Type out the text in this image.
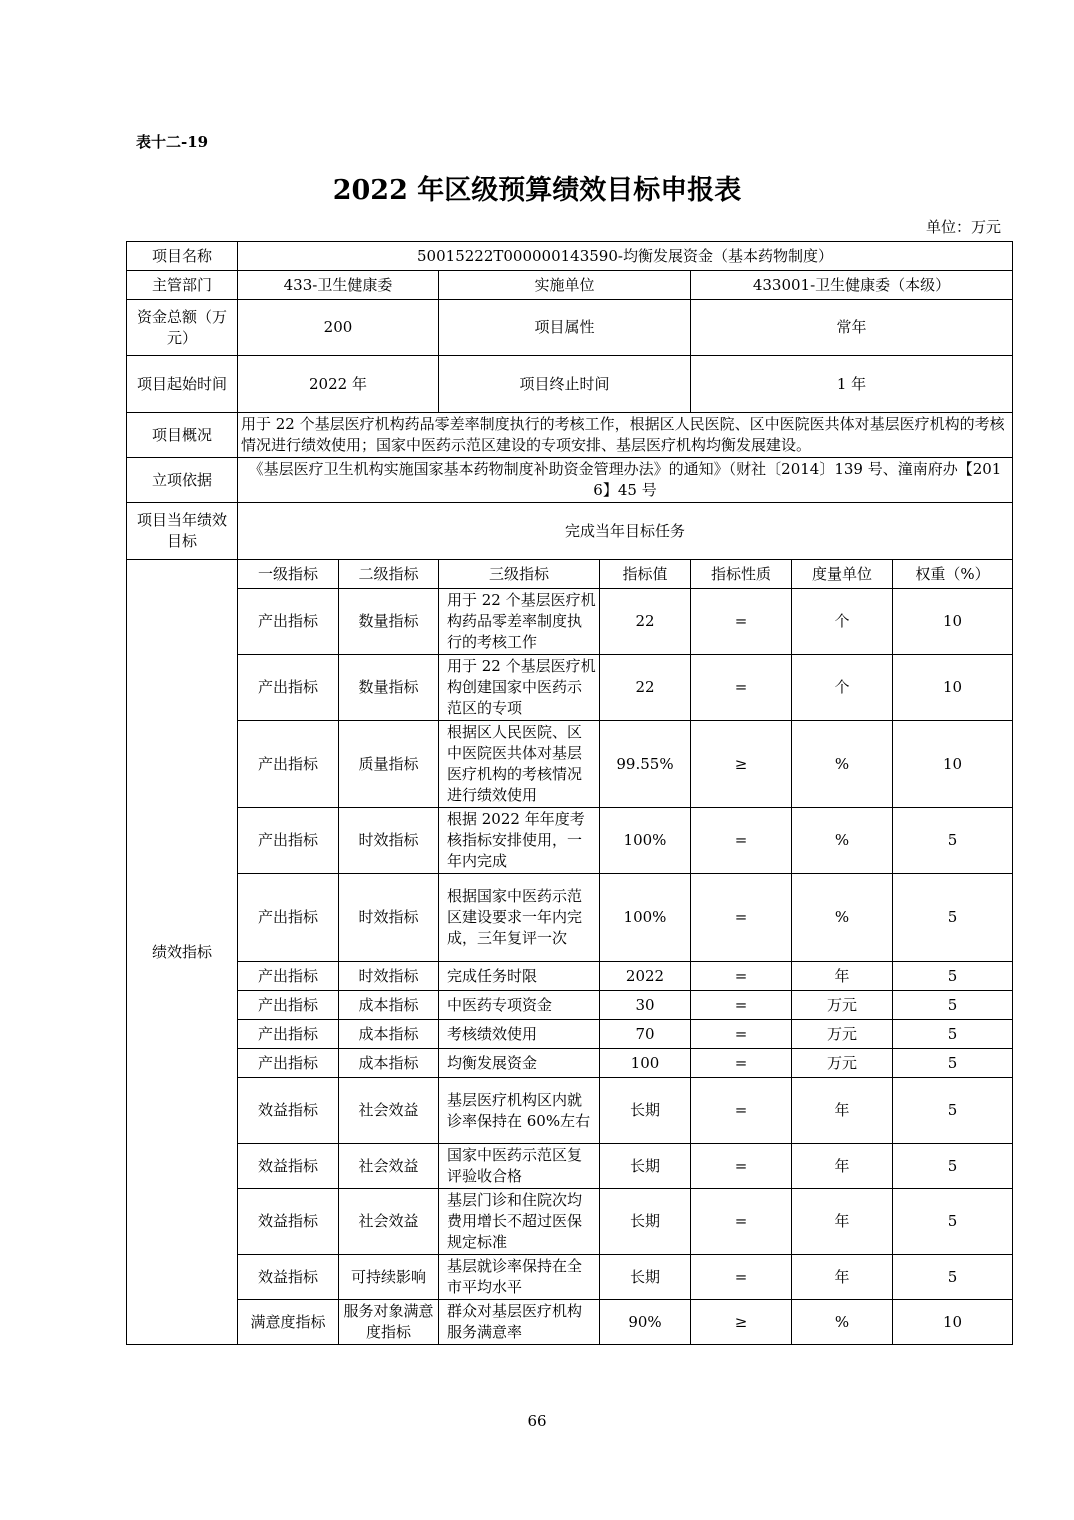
表十二-19
2022 年区级预算绩效目标申报表
单位：万元
项目名称	50015222T000000143590-均衡发展资金（基本药物制度）						
主管部门	433-卫生健康委		实施单位		433001-卫生健康委（本级）		
资金总额（万元）	200		项目属性		常年		
项目起始时间	2022 年		项目终止时间		1 年		
项目概况	用于 22 个基层医疗机构药品零差率制度执行的考核工作，根据区人民医院、区中医院医共体对基层医疗机构的考核情况进行绩效使用；国家中医药示范区建设的专项安排、基层医疗机构均衡发展建设。						
立项依据	《基层医疗卫生机构实施国家基本药物制度补助资金管理办法》的通知》（财社〔2014〕139 号、潼南府办【2016】45 号						
项目当年绩效目标	完成当年目标任务						
绩效指标	一级指标	二级指标	三级指标	指标值	指标性质	度量单位	权重（%）
	产出指标	数量指标	用于 22 个基层医疗机构药品零差率制度执行的考核工作	22	=	个	10
	产出指标	数量指标	用于 22 个基层医疗机构创建国家中医药示范区的专项	22	=	个	10
	产出指标	质量指标	根据区人民医院、区中医院医共体对基层医疗机构的考核情况进行绩效使用	99.55%	≥	%	10
	产出指标	时效指标	根据 2022 年年度考核指标安排使用，一年内完成	100%	=	%	5
	产出指标	时效指标	根据国家中医药示范区建设要求一年内完成，三年复评一次	100%	=	%	5
	产出指标	时效指标	完成任务时限	2022	=	年	5
	产出指标	成本指标	中医药专项资金	30	=	万元	5
	产出指标	成本指标	考核绩效使用	70	=	万元	5
	产出指标	成本指标	均衡发展资金	100	=	万元	5
	效益指标	社会效益	基层医疗机构区内就诊率保持在 60%左右	长期	=	年	5
	效益指标	社会效益	国家中医药示范区复评验收合格	长期	=	年	5
	效益指标	社会效益	基层门诊和住院次均费用增长不超过医保规定标准	长期	=	年	5
	效益指标	可持续影响	基层就诊率保持在全市平均水平	长期	=	年	5
	满意度指标	服务对象满意度指标	群众对基层医疗机构服务满意率	90%	≥	%	10
66
